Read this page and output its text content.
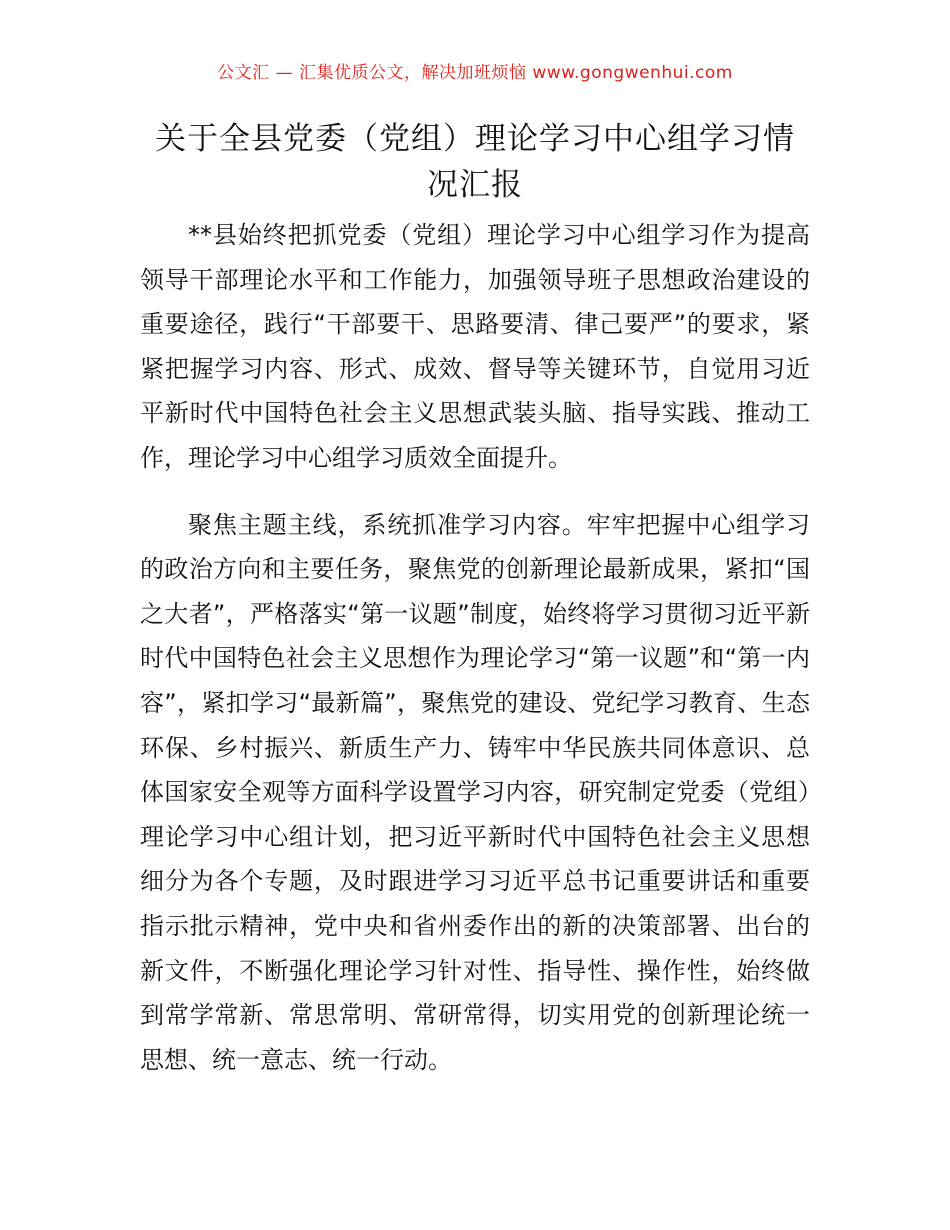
公文汇 — 汇集优质公文，解决加班烦恼 www.gongwenhui.com
关于全县党委（党组）理论学习中心组学习情况汇报

**县始终把抓党委（党组）理论学习中心组学习作为提高领导干部理论水平和工作能力，加强领导班子思想政治建设的重要途径，践行“干部要干、思路要清、律己要严”的要求，紧紧把握学习内容、形式、成效、督导等关键环节，自觉用习近平新时代中国特色社会主义思想武装头脑、指导实践、推动工作，理论学习中心组学习质效全面提升。

聚焦主题主线，系统抓准学习内容。牢牢把握中心组学习的政治方向和主要任务，聚焦党的创新理论最新成果，紧扣“国之大者”，严格落实“第一议题”制度，始终将学习贯彻习近平新时代中国特色社会主义思想作为理论学习“第一议题”和“第一内容”，紧扣学习“最新篇”，聚焦党的建设、党纪学习教育、生态环保、乡村振兴、新质生产力、铸牢中华民族共同体意识、总体国家安全观等方面科学设置学习内容，研究制定党委（党组）理论学习中心组计划，把习近平新时代中国特色社会主义思想细分为各个专题，及时跟进学习习近平总书记重要讲话和重要指示批示精神，党中央和省州委作出的新的决策部署、出台的新文件，不断强化理论学习针对性、指导性、操作性，始终做到常学常新、常思常明、常研常得，切实用党的创新理论统一思想、统一意志、统一行动。
